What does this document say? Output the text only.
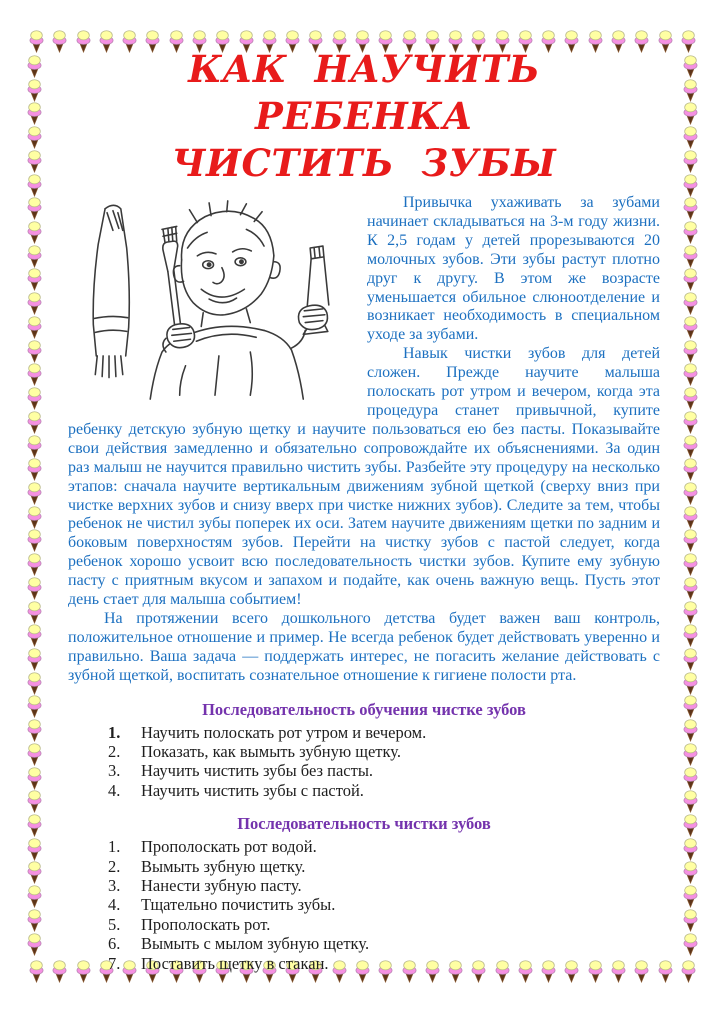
КАК НАУЧИТЬ РЕБЕНКА
ЧИСТИТЬ ЗУБЫ

Привычка ухаживать за зубами начинает складываться на 3-м году жизни. К 2,5 годам у детей прорезываются 20 молочных зубов. Эти зубы растут плотно друг к другу. В этом же возрасте уменьшается обильное слюноотделение и возникает необходимость в специальном уходе за зубами.

Навык чистки зубов для детей сложен. Прежде научите малыша полоскать рот утром и вечером, когда эта процедура станет привычной, купите ребенку детскую зубную щетку и научите пользоваться ею без пасты. Показывайте свои действия замедленно и обязательно сопровождайте их объяснениями. За один раз малыш не научится правильно чистить зубы. Разбейте эту процедуру на несколько этапов: сначала научите вертикальным движениям зубной щеткой (сверху вниз при чистке верхних зубов и снизу вверх при чистке нижних зубов). Следите за тем, чтобы ребенок не чистил зубы поперек их оси. Затем научите движениям щетки по задним и боковым поверхностям зубов. Перейти на чистку зубов с пастой следует, когда ребенок хорошо усвоит всю последовательность чистки зубов. Купите ему зубную пасту с приятным вкусом и запахом и подайте, как очень важную вещь. Пусть этот день стает для малыша событием!

На протяжении всего дошкольного детства будет важен ваш контроль, положительное отношение и пример. Не всегда ребенок будет действовать уверенно и правильно. Ваша задача — поддержать интерес, не погасить желание действовать с зубной щеткой, воспитать сознательное отношение к гигиене полости рта.

Последовательность обучения чистке зубов
1.	Научить полоскать рот утром и вечером.
2.	Показать, как вымыть зубную щетку.
3.	Научить чистить зубы без пасты.
4.	Научить чистить зубы с пастой.
Последовательность чистки зубов
1.	Прополоскать рот водой.
2.	Вымыть зубную щетку.
3.	Нанести зубную пасту.
4.	Тщательно почистить зубы.
5.	Прополоскать рот.
6.	Вымыть с мылом зубную щетку.
7.	Поставить щетку в стакан.
